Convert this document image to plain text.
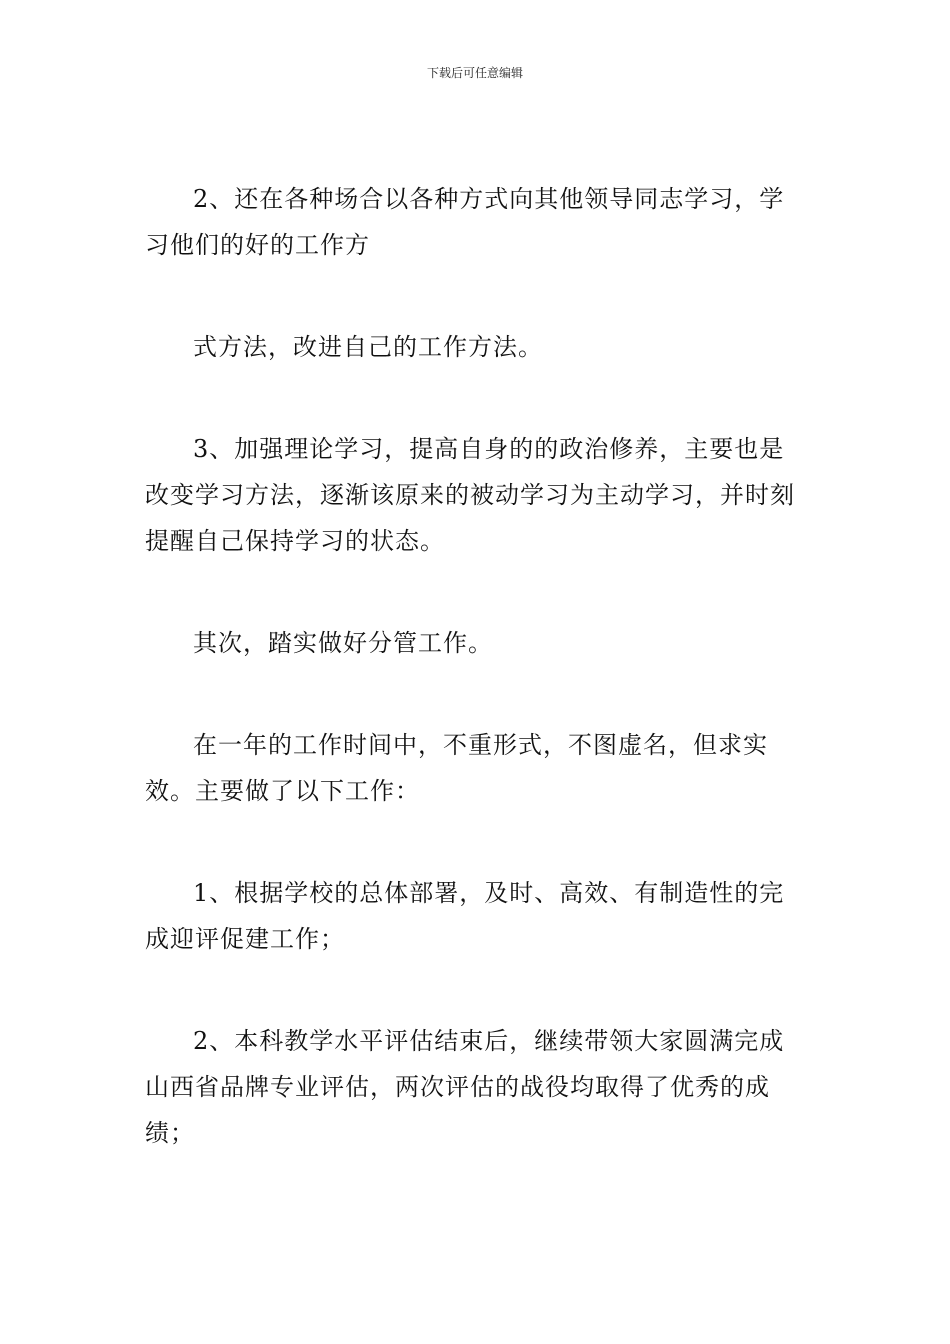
下载后可任意编辑

2、还在各种场合以各种方式向其他领导同志学习，学习他们的好的工作方

式方法，改进自己的工作方法。

3、加强理论学习，提高自身的的政治修养，主要也是改变学习方法，逐渐该原来的被动学习为主动学习，并时刻提醒自己保持学习的状态。

其次，踏实做好分管工作。

在一年的工作时间中，不重形式，不图虚名，但求实效。主要做了以下工作：

1、根据学校的总体部署，及时、高效、有制造性的完成迎评促建工作；

2、本科教学水平评估结束后，继续带领大家圆满完成山西省品牌专业评估，两次评估的战役均取得了优秀的成绩；
